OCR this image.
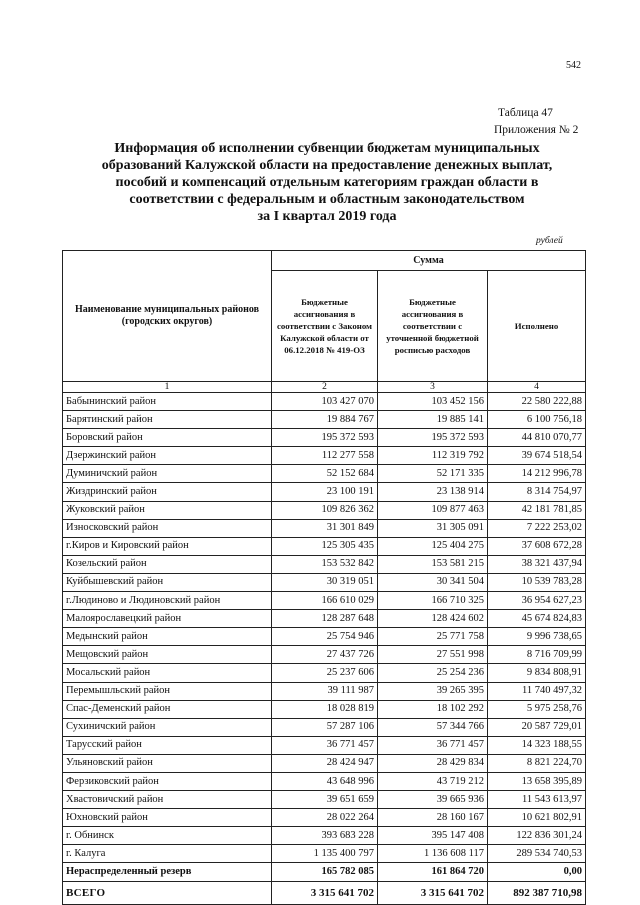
542
Таблица 47
Приложения № 2
Информация об исполнении субвенции бюджетам муниципальных
образований Калужской области на предоставление денежных выплат,
пособий и компенсаций отдельным категориям граждан области в
соответствии с федеральным и областным законодательством
за I квартал 2019 года
рублей
Наименование муниципальных районов (городских округов)	Сумма		
	Бюджетные ассигнования в соответствии с Законом Калужской области от 06.12.2018 № 419-ОЗ	Бюджетные ассигнования в соответствии с уточненной бюджетной росписью расходов	Исполнено
1	2	3	4
Бабынинский район	103 427 070	103 452 156	22 580 222,88
Барятинский район	19 884 767	19 885 141	6 100 756,18
Боровский район	195 372 593	195 372 593	44 810 070,77
Дзержинский район	112 277 558	112 319 792	39 674 518,54
Думиничский район	52 152 684	52 171 335	14 212 996,78
Жиздринский район	23 100 191	23 138 914	8 314 754,97
Жуковский район	109 826 362	109 877 463	42 181 781,85
Износковский район	31 301 849	31 305 091	7 222 253,02
г.Киров и Кировский район	125 305 435	125 404 275	37 608 672,28
Козельский район	153 532 842	153 581 215	38 321 437,94
Куйбышевский район	30 319 051	30 341 504	10 539 783,28
г.Людиново и Людиновский район	166 610 029	166 710 325	36 954 627,23
Малоярославецкий район	128 287 648	128 424 602	45 674 824,83
Медынский район	25 754 946	25 771 758	9 996 738,65
Мещовский район	27 437 726	27 551 998	8 716 709,99
Мосальский район	25 237 606	25 254 236	9 834 808,91
Перемышльский район	39 111 987	39 265 395	11 740 497,32
Спас-Деменский район	18 028 819	18 102 292	5 975 258,76
Сухиничский район	57 287 106	57 344 766	20 587 729,01
Тарусский район	36 771 457	36 771 457	14 323 188,55
Ульяновский район	28 424 947	28 429 834	8 821 224,70
Ферзиковский район	43 648 996	43 719 212	13 658 395,89
Хвастовичский район	39 651 659	39 665 936	11 543 613,97
Юхновский район	28 022 264	28 160 167	10 621 802,91
г. Обнинск	393 683 228	395 147 408	122 836 301,24
г. Калуга	1 135 400 797	1 136 608 117	289 534 740,53
Нераспределенный резерв	165 782 085	161 864 720	0,00
ВСЕГО	3 315 641 702	3 315 641 702	892 387 710,98
